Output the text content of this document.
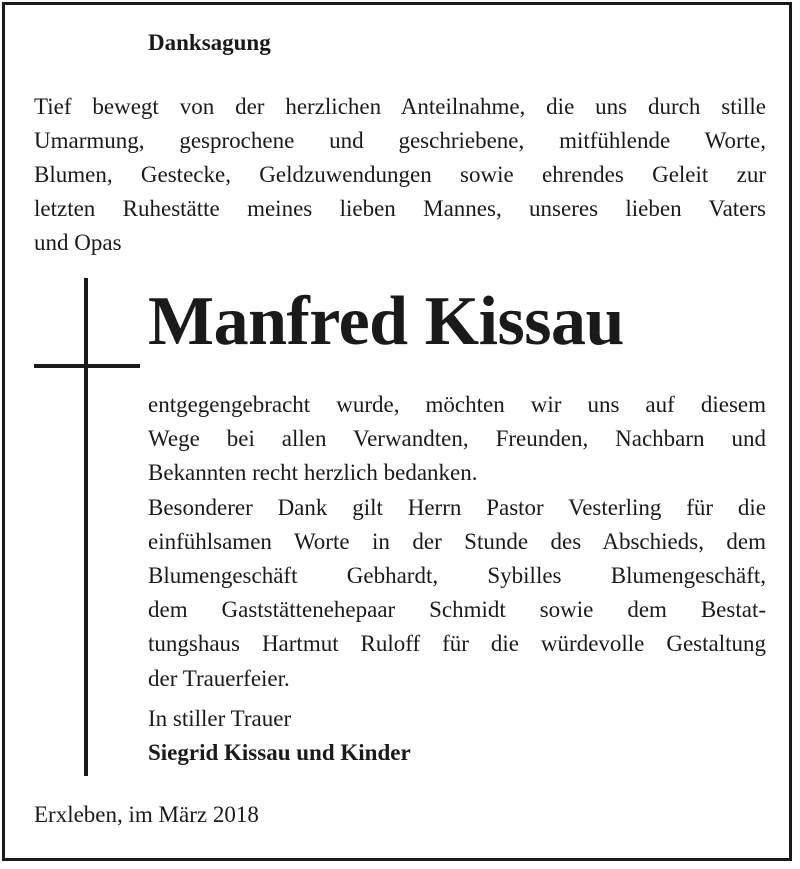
Danksagung
Tief bewegt von der herzlichen Anteilnahme, die uns durch stille
Umarmung, gesprochene und geschriebene, mitfühlende Worte,
Blumen, Gestecke, Geldzuwendungen sowie ehrendes Geleit zur
letzten Ruhestätte meines lieben Mannes, unseres lieben Vaters
und Opas
Manfred Kissau
entgegengebracht wurde, möchten wir uns auf diesem
Wege bei allen Verwandten, Freunden, Nachbarn und
Bekannten recht herzlich bedanken.
Besonderer Dank gilt Herrn Pastor Vesterling für die
einfühlsamen Worte in der Stunde des Abschieds, dem
Blumengeschäft Gebhardt, Sybilles Blumengeschäft,
dem Gaststättenehepaar Schmidt sowie dem Bestat-
tungshaus Hartmut Ruloff für die würdevolle Gestaltung
der Trauerfeier.
In stiller Trauer
Siegrid Kissau und Kinder
Erxleben, im März 2018
